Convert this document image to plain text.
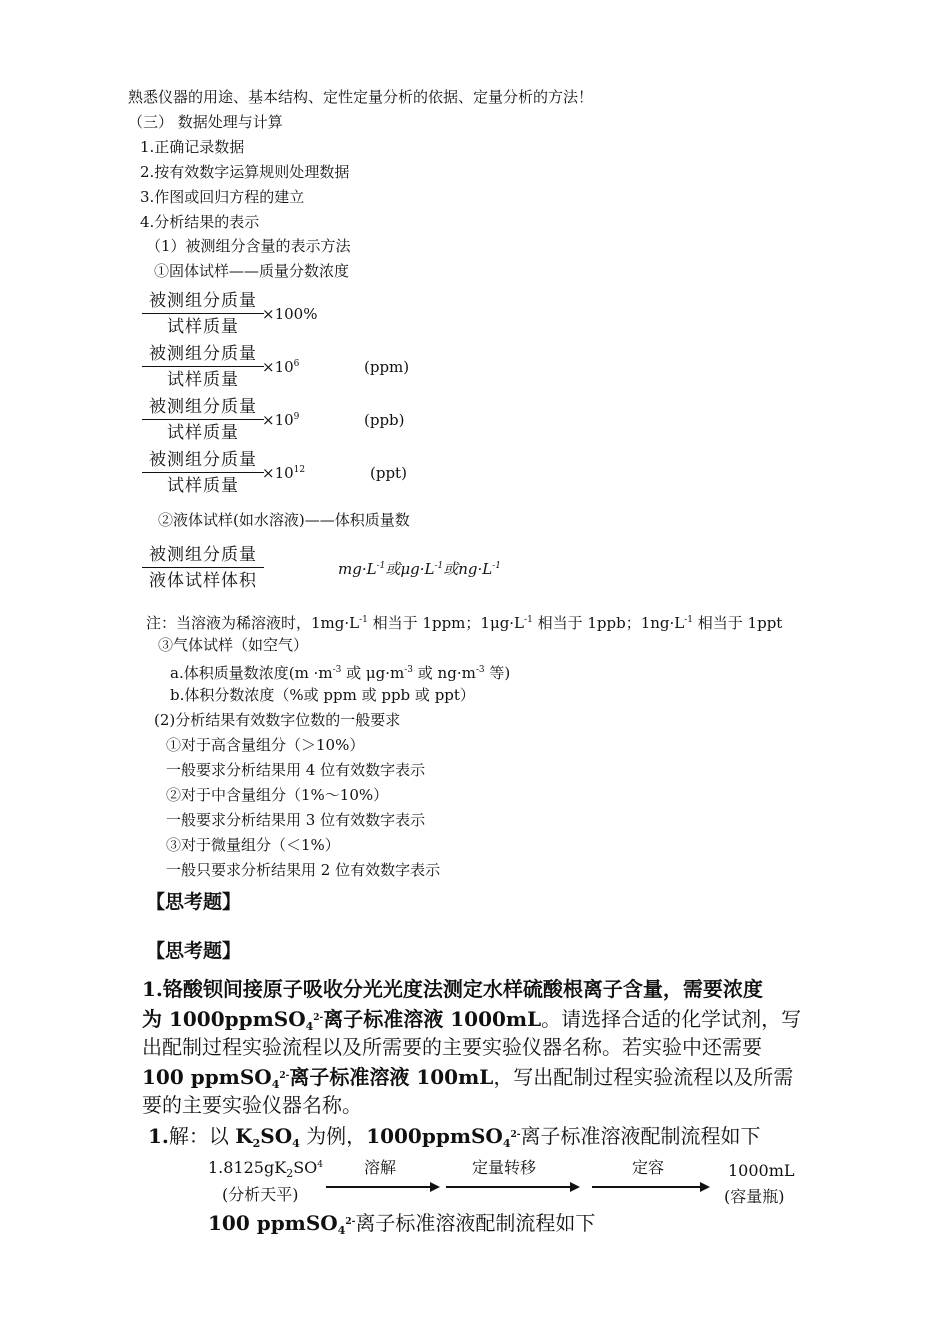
熟悉仪器的用途、基本结构、定性定量分析的依据、定量分析的方法！
（三） 数据处理与计算
1.正确记录数据
2.按有效数字运算规则处理数据
3.作图或回归方程的建立
4.分析结果的表示
（1）被测组分含量的表示方法
①固体试样——质量分数浓度
被测组分质量
试样质量
×100%
被测组分质量
试样质量
$\times 10^6$	(ppm)
被测组分质量
试样质量
$\times 10^9$	(ppb)
被测组分质量
试样质量
$\times 10^{12}$	(ppt)
②液体试样(如水溶液)——体积质量数
被测组分质量
液体试样体积
$mg\cdot L^{-1}$或$\mu g\cdot L^{-1}$或$ng\cdot L^{-1}$
注：当溶液为稀溶液时，$1mg\cdot L^{-1}$ 相当于 1ppm；$1\mu g\cdot L^{-1}$ 相当于 1ppb；$1ng\cdot L^{-1}$ 相当于 1ppt
③气体试样（如空气）
a.体积质量数浓度($m \cdot m^{-3}$ 或 $\mu g\cdot m^{-3}$ 或 $ng\cdot m^{-3}$ 等)
b.体积分数浓度（%或 ppm 或 ppb 或 ppt）
(2)分析结果有效数字位数的一般要求
①对于高含量组分（＞10%）
一般要求分析结果用 4 位有效数字表示
②对于中含量组分（1%～10%）
一般要求分析结果用 3 位有效数字表示
③对于微量组分（＜1%）
一般只要求分析结果用 2 位有效数字表示
【思考题】
【思考题】
1.铬酸钡间接原子吸收分光光度法测定水样硫酸根离子含量，需要浓度
为 1000ppmSO$_4^{2-}$离子标准溶液 1000mL。请选择合适的化学试剂，写
出配制过程实验流程以及所需要的主要实验仪器名称。若实验中还需要
100 ppmSO$_4^{2-}$离子标准溶液 100mL，写出配制过程实验流程以及所需
要的主要实验仪器名称。
1.解：以 $K_2SO_4$ 为例，1000ppmSO$_4^{2-}$离子标准溶液配制流程如下
$1.8125gK_2SO^4$
(分析天平)
溶解	定量转移	定容	1000mL
(容量瓶)
100 ppmSO$_4^{2-}$离子标准溶液配制流程如下
